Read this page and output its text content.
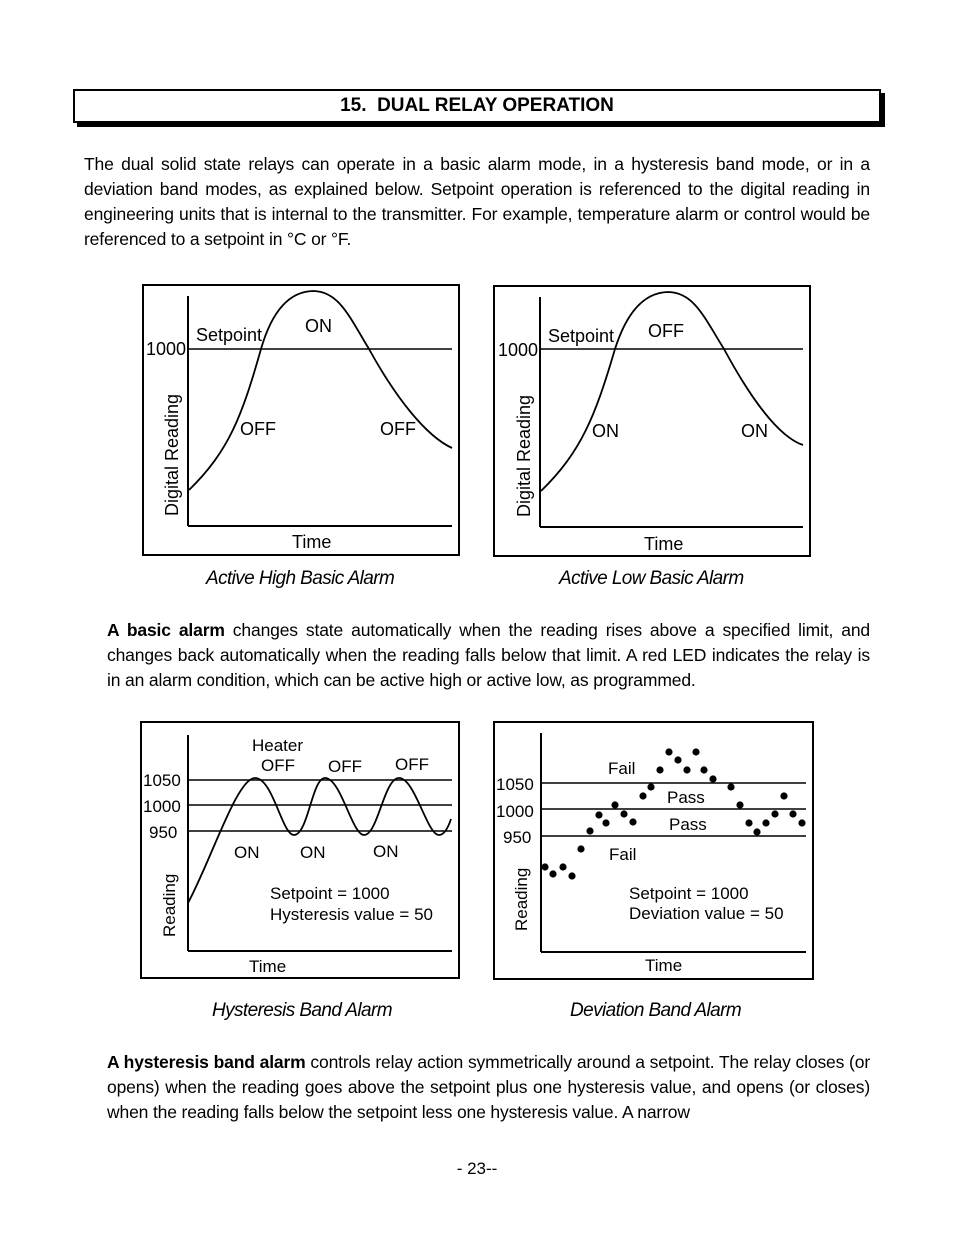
15. DUAL RELAY OPERATION
The dual solid state relays can operate in a basic alarm mode, in a hysteresis band mode, or in a deviation band modes, as explained below. Setpoint operation is referenced to the digital reading in engineering units that is internal to the transmitter. For example, temperature alarm or control would be referenced to a setpoint in °C or °F.
1000
Setpoint ON
OFF	OFF
Time
Digital Reading
Active High Basic Alarm
1000
Setpoint OFF
ON	ON
Time
Digital Reading
Active Low Basic Alarm
A basic alarm changes state automatically when the reading rises above a specified limit, and changes back automatically when the reading falls below that limit. A red LED indicates the relay is in an alarm condition, which can be active high or active low, as programmed.
1050
1000
950
Heater
OFF OFF OFF
ON ON	ON
Setpoint = 1000
Hysteresis value = 50
Time
Reading
Hysteresis Band Alarm
1050
1000
950
Fail
Pass
Pass
Fail
Setpoint = 1000
Deviation value = 50
Time
Reading
Deviation Band Alarm
A hysteresis band alarm controls relay action symmetrically around a setpoint. The relay closes (or opens) when the reading goes above the setpoint plus one hysteresis value, and opens (or closes) when the reading falls below the setpoint less one hysteresis value. A narrow
- 23--
